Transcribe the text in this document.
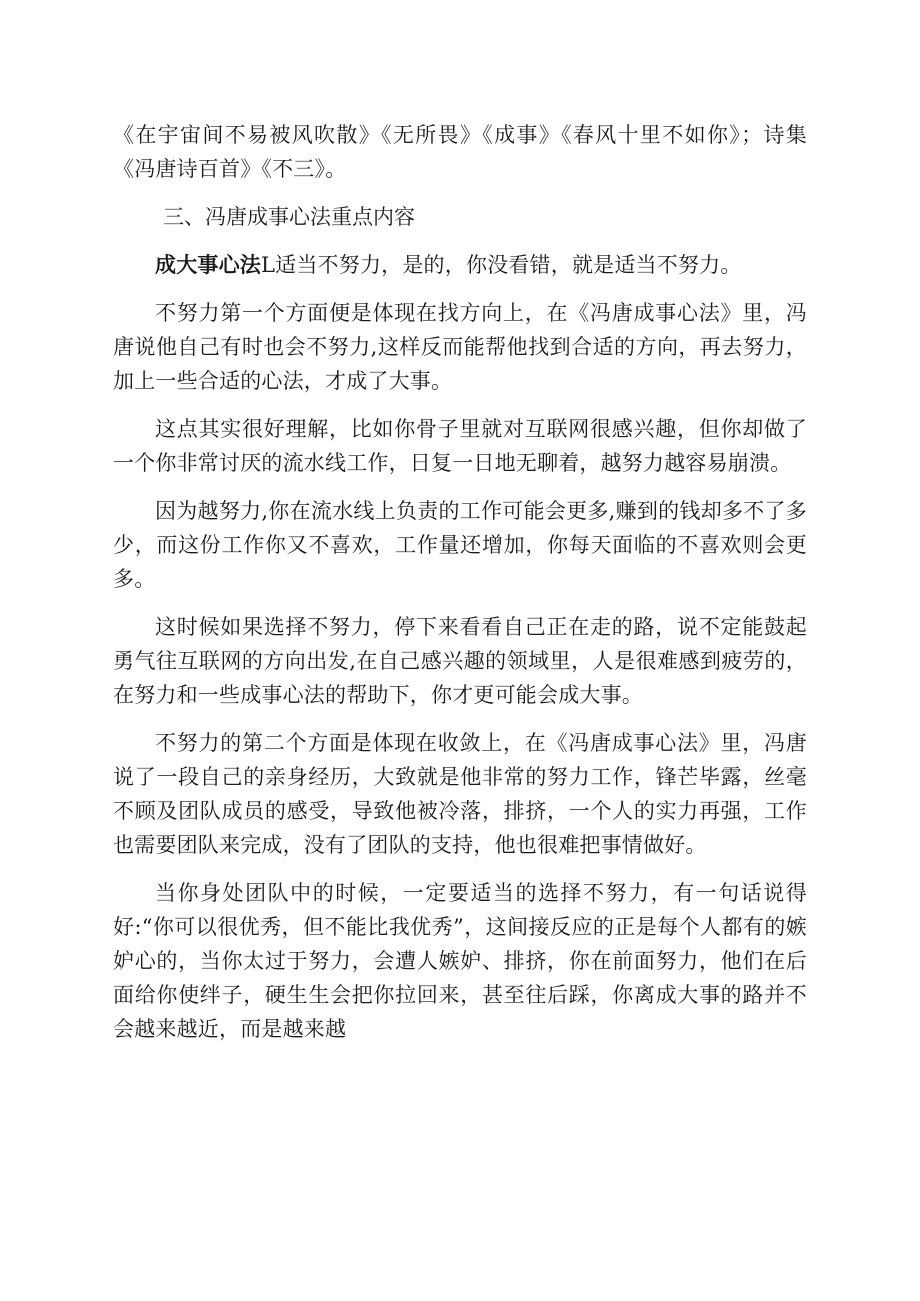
《在宇宙间不易被风吹散》《无所畏》《成事》《春风十里不如你》；诗集《冯唐诗百首》《不三》。

三、冯唐成事心法重点内容

成大事心法L适当不努力，是的，你没看错，就是适当不努力。

不努力第一个方面便是体现在找方向上，在《冯唐成事心法》里，冯唐说他自己有时也会不努力,这样反而能帮他找到合适的方向，再去努力，加上一些合适的心法，才成了大事。

这点其实很好理解，比如你骨子里就对互联网很感兴趣，但你却做了一个你非常讨厌的流水线工作，日复一日地无聊着，越努力越容易崩溃。

因为越努力,你在流水线上负责的工作可能会更多,赚到的钱却多不了多少，而这份工作你又不喜欢，工作量还增加，你每天面临的不喜欢则会更多。

这时候如果选择不努力，停下来看看自己正在走的路，说不定能鼓起勇气往互联网的方向出发,在自己感兴趣的领域里，人是很难感到疲劳的，在努力和一些成事心法的帮助下，你才更可能会成大事。

不努力的第二个方面是体现在收敛上，在《冯唐成事心法》里，冯唐说了一段自己的亲身经历，大致就是他非常的努力工作，锋芒毕露，丝毫不顾及团队成员的感受，导致他被冷落，排挤，一个人的实力再强，工作也需要团队来完成，没有了团队的支持，他也很难把事情做好。

当你身处团队中的时候，一定要适当的选择不努力，有一句话说得好:“你可以很优秀，但不能比我优秀”，这间接反应的正是每个人都有的嫉妒心的，当你太过于努力，会遭人嫉妒、排挤，你在前面努力，他们在后面给你使绊子，硬生生会把你拉回来，甚至往后踩，你离成大事的路并不会越来越近，而是越来越
